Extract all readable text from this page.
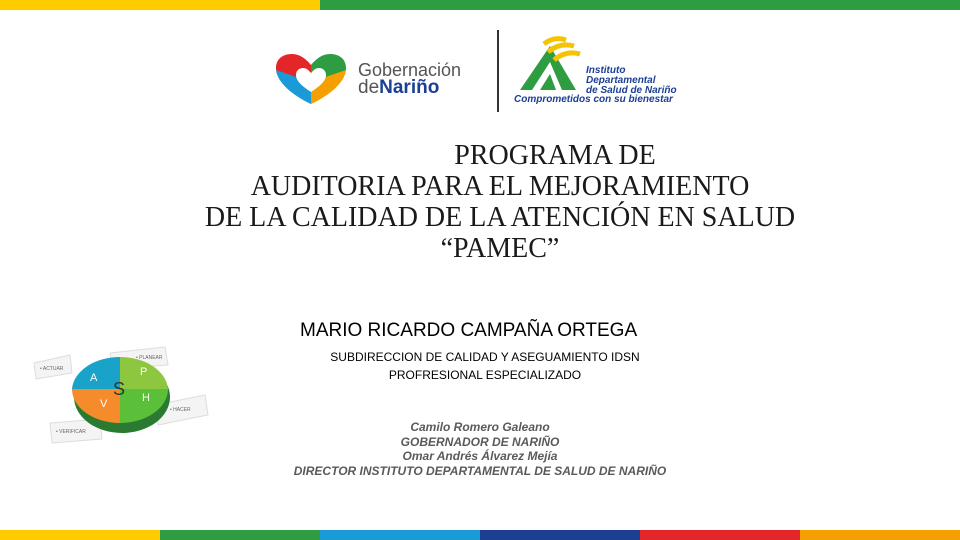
Gobernación
deNariño
Instituto
Departamental
de Salud de Nariño
Comprometidos con su bienestar
PROGRAMA DE
AUDITORIA PARA EL MEJORAMIENTO
DE LA CALIDAD DE LA ATENCIÓN EN SALUD
“PAMEC”
• ACTUAR
• PLANEAR
• HACER
• VERIFICAR
A	P
V	H
S
MARIO RICARDO CAMPAÑA ORTEGA
SUBDIRECCION DE CALIDAD Y ASEGUAMIENTO IDSN
PROFRESIONAL ESPECIALIZADO
Camilo Romero Galeano
GOBERNADOR DE NARIÑO
Omar Andrés Álvarez Mejía
DIRECTOR INSTITUTO DEPARTAMENTAL DE SALUD DE NARIÑO
